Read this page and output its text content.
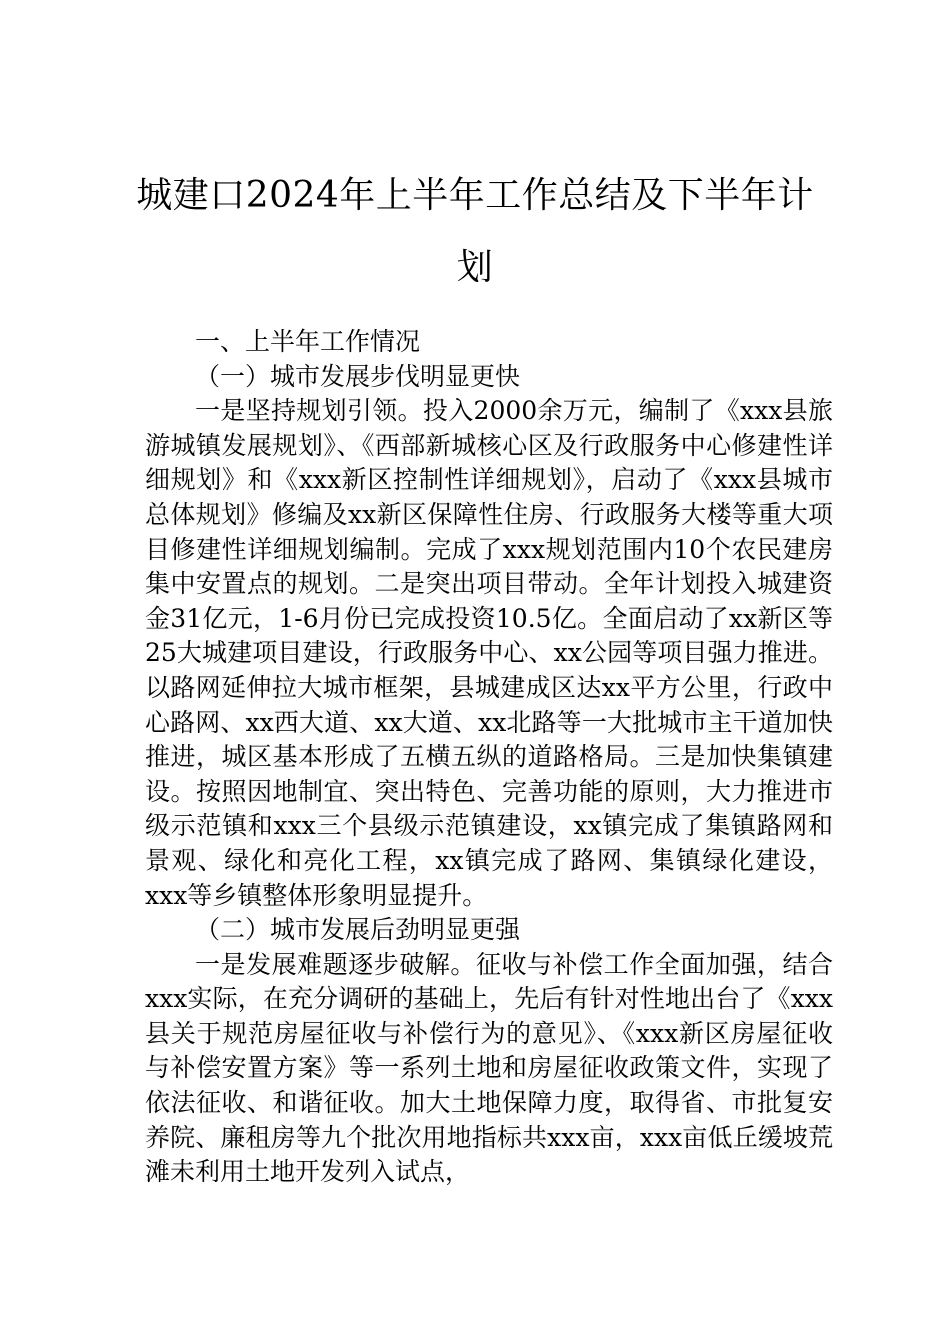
城建口2024年上半年工作总结及下半年计
划

一、上半年工作情况

（一）城市发展步伐明显更快

一是坚持规划引领。投入2000余万元，编制了《xxx县旅游城镇发展规划》、《西部新城核心区及行政服务中心修建性详细规划》和《xxx新区控制性详细规划》，启动了《xxx县城市总体规划》修编及xx新区保障性住房、行政服务大楼等重大项目修建性详细规划编制。完成了xxx规划范围内10个农民建房集中安置点的规划。二是突出项目带动。全年计划投入城建资金31亿元，1-6月份已完成投资10.5亿。全面启动了xx新区等25大城建项目建设，行政服务中心、xx公园等项目强力推进。以路网延伸拉大城市框架，县城建成区达xx平方公里，行政中心路网、xx西大道、xx大道、xx北路等一大批城市主干道加快推进，城区基本形成了五横五纵的道路格局。三是加快集镇建设。按照因地制宜、突出特色、完善功能的原则，大力推进市级示范镇和xxx三个县级示范镇建设，xx镇完成了集镇路网和景观、绿化和亮化工程，xx镇完成了路网、集镇绿化建设，xxx等乡镇整体形象明显提升。

（二）城市发展后劲明显更强

一是发展难题逐步破解。征收与补偿工作全面加强，结合xxx实际，在充分调研的基础上，先后有针对性地出台了《xxx县关于规范房屋征收与补偿行为的意见》、《xxx新区房屋征收与补偿安置方案》等一系列土地和房屋征收政策文件，实现了依法征收、和谐征收。加大土地保障力度，取得省、市批复安养院、廉租房等九个批次用地指标共xxx亩，xxx亩低丘缓坡荒滩未利用土地开发列入试点，
